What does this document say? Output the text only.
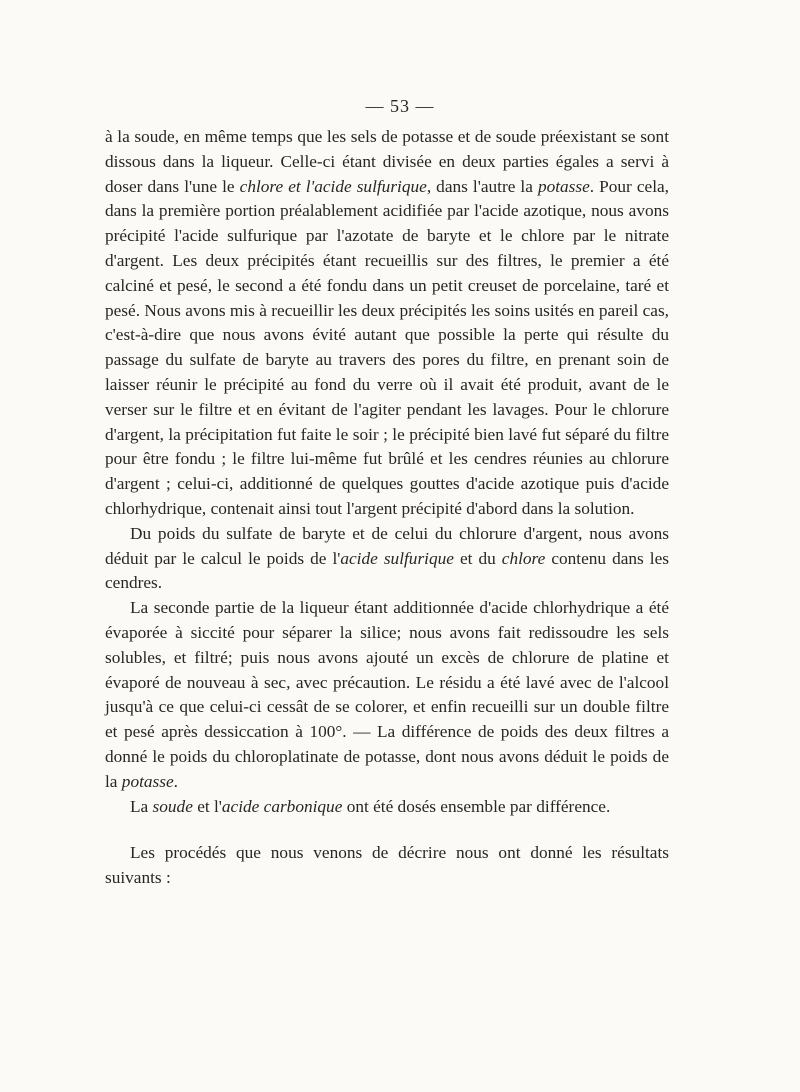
— 53 —

à la soude, en même temps que les sels de potasse et de soude préexistant se sont dissous dans la liqueur. Celle-ci étant divisée en deux parties égales a servi à doser dans l'une le chlore et l'acide sulfurique, dans l'autre la potasse. Pour cela, dans la première portion préalablement acidifiée par l'acide azotique, nous avons précipité l'acide sulfurique par l'azotate de baryte et le chlore par le nitrate d'argent. Les deux précipités étant recueillis sur des filtres, le premier a été calciné et pesé, le second a été fondu dans un petit creuset de porcelaine, taré et pesé. Nous avons mis à recueillir les deux précipités les soins usités en pareil cas, c'est-à-dire que nous avons évité autant que possible la perte qui résulte du passage du sulfate de baryte au travers des pores du filtre, en prenant soin de laisser réunir le précipité au fond du verre où il avait été produit, avant de le verser sur le filtre et en évitant de l'agiter pendant les lavages. Pour le chlorure d'argent, la précipitation fut faite le soir ; le précipité bien lavé fut séparé du filtre pour être fondu ; le filtre lui-même fut brûlé et les cendres réunies au chlorure d'argent ; celui-ci, additionné de quelques gouttes d'acide azotique puis d'acide chlorhydrique, contenait ainsi tout l'argent précipité d'abord dans la solution.

Du poids du sulfate de baryte et de celui du chlorure d'argent, nous avons déduit par le calcul le poids de l'acide sulfurique et du chlore contenu dans les cendres.

La seconde partie de la liqueur étant additionnée d'acide chlorhydrique a été évaporée à siccité pour séparer la silice; nous avons fait redissoudre les sels solubles, et filtré; puis nous avons ajouté un excès de chlorure de platine et évaporé de nouveau à sec, avec précaution. Le résidu a été lavé avec de l'alcool jusqu'à ce que celui-ci cessât de se colorer, et enfin recueilli sur un double filtre et pesé après dessiccation à 100°. — La différence de poids des deux filtres a donné le poids du chloroplatinate de potasse, dont nous avons déduit le poids de la potasse.

La soude et l'acide carbonique ont été dosés ensemble par différence.

Les procédés que nous venons de décrire nous ont donné les résultats suivants :
